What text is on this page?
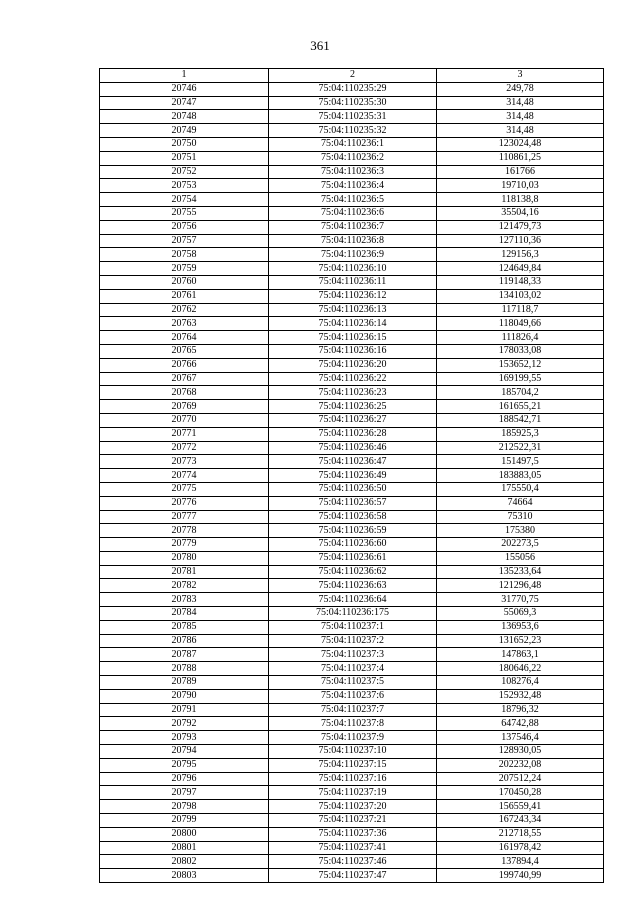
361
1	2	3
20746	75:04:110235:29	249,78
20747	75:04:110235:30	314,48
20748	75:04:110235:31	314,48
20749	75:04:110235:32	314,48
20750	75:04:110236:1	123024,48
20751	75:04:110236:2	110861,25
20752	75:04:110236:3	161766
20753	75:04:110236:4	19710,03
20754	75:04:110236:5	118138,8
20755	75:04:110236:6	35504,16
20756	75:04:110236:7	121479,73
20757	75:04:110236:8	127110,36
20758	75:04:110236:9	129156,3
20759	75:04:110236:10	124649,84
20760	75:04:110236:11	119148,33
20761	75:04:110236:12	134103,02
20762	75:04:110236:13	117118,7
20763	75:04:110236:14	118049,66
20764	75:04:110236:15	111826,4
20765	75:04:110236:16	178033,08
20766	75:04:110236:20	153652,12
20767	75:04:110236:22	169199,55
20768	75:04:110236:23	185704,2
20769	75:04:110236:25	161655,21
20770	75:04:110236:27	188542,71
20771	75:04:110236:28	185925,3
20772	75:04:110236:46	212522,31
20773	75:04:110236:47	151497,5
20774	75:04:110236:49	183883,05
20775	75:04:110236:50	175550,4
20776	75:04:110236:57	74664
20777	75:04:110236:58	75310
20778	75:04:110236:59	175380
20779	75:04:110236:60	202273,5
20780	75:04:110236:61	155056
20781	75:04:110236:62	135233,64
20782	75:04:110236:63	121296,48
20783	75:04:110236:64	31770,75
20784	75:04:110236:175	55069,3
20785	75:04:110237:1	136953,6
20786	75:04:110237:2	131652,23
20787	75:04:110237:3	147863,1
20788	75:04:110237:4	180646,22
20789	75:04:110237:5	108276,4
20790	75:04:110237:6	152932,48
20791	75:04:110237:7	18796,32
20792	75:04:110237:8	64742,88
20793	75:04:110237:9	137546,4
20794	75:04:110237:10	128930,05
20795	75:04:110237:15	202232,08
20796	75:04:110237:16	207512,24
20797	75:04:110237:19	170450,28
20798	75:04:110237:20	156559,41
20799	75:04:110237:21	167243,34
20800	75:04:110237:36	212718,55
20801	75:04:110237:41	161978,42
20802	75:04:110237:46	137894,4
20803	75:04:110237:47	199740,99
